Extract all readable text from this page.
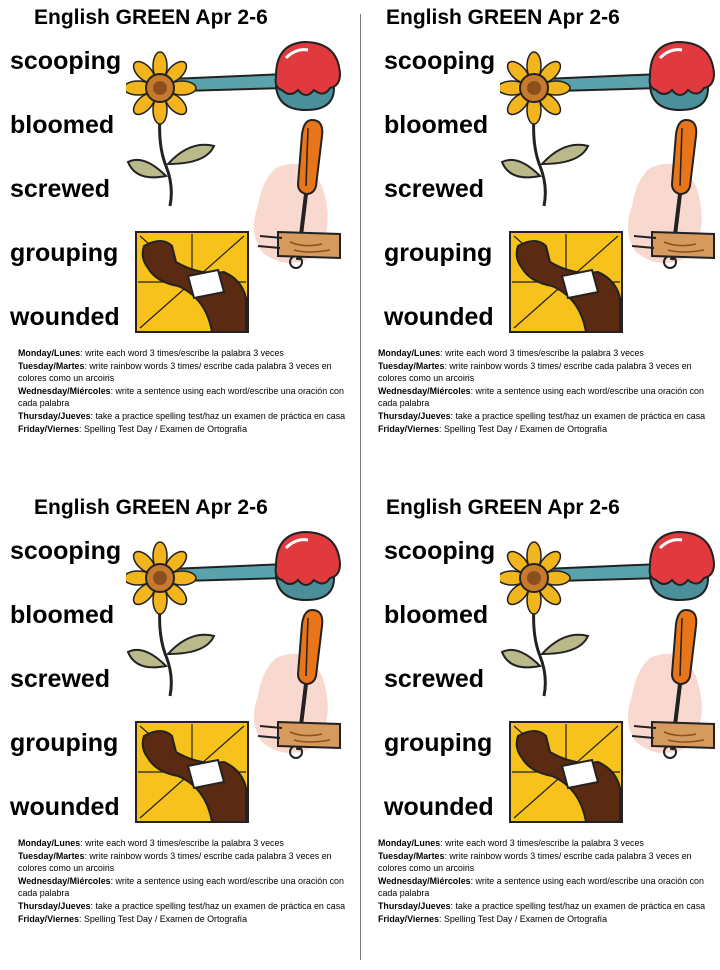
English GREEN Apr 2-6
scooping
bloomed
screwed
grouping
wounded
Monday/Lunes: write each word 3 times/escribe la palabra 3 veces
Tuesday/Martes: write rainbow words 3 times/ escribe cada palabra 3 veces en colores como un arcoiris
Wednesday/Miércoles: write a sentence using each word/escribe una oración con cada palabra
Thursday/Jueves: take a practice spelling test/haz un examen de práctica en casa
Friday/Viernes: Spelling Test Day / Examen de Ortografía
English GREEN Apr 2-6
scooping
bloomed
screwed
grouping
wounded
Monday/Lunes: write each word 3 times/escribe la palabra 3 veces
Tuesday/Martes: write rainbow words 3 times/ escribe cada palabra 3 veces en colores como un arcoiris
Wednesday/Miércoles: write a sentence using each word/escribe una oración con cada palabra
Thursday/Jueves: take a practice spelling test/haz un examen de práctica en casa
Friday/Viernes: Spelling Test Day / Examen de Ortografía
English GREEN Apr 2-6
scooping
bloomed
screwed
grouping
wounded
Monday/Lunes: write each word 3 times/escribe la palabra 3 veces
Tuesday/Martes: write rainbow words 3 times/ escribe cada palabra 3 veces en colores como un arcoiris
Wednesday/Miércoles: write a sentence using each word/escribe una oración con cada palabra
Thursday/Jueves: take a practice spelling test/haz un examen de práctica en casa
Friday/Viernes: Spelling Test Day / Examen de Ortografía
English GREEN Apr 2-6
scooping
bloomed
screwed
grouping
wounded
Monday/Lunes: write each word 3 times/escribe la palabra 3 veces
Tuesday/Martes: write rainbow words 3 times/ escribe cada palabra 3 veces en colores como un arcoiris
Wednesday/Miércoles: write a sentence using each word/escribe una oración con cada palabra
Thursday/Jueves: take a practice spelling test/haz un examen de práctica en casa
Friday/Viernes: Spelling Test Day / Examen de Ortografía
